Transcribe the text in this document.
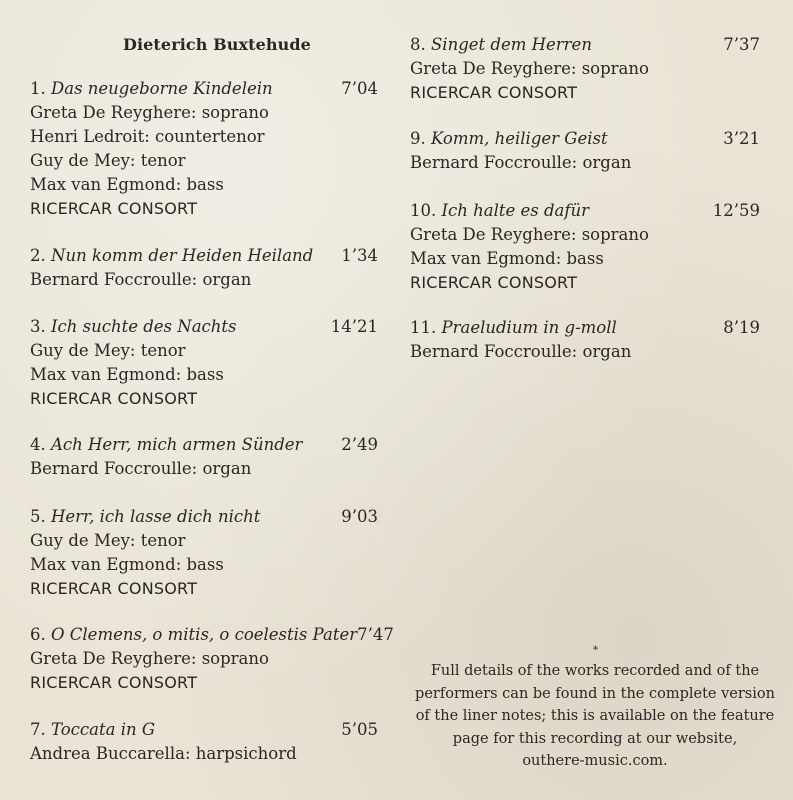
Dieterich Buxtehude
1. Das neugeborne Kindelein	7’04
Greta De Reyghere: soprano
Henri Ledroit: countertenor
Guy de Mey: tenor
Max van Egmond: bass
RICERCAR CONSORT
2. Nun komm der Heiden Heiland 1’34
Bernard Foccroulle: organ
3. Ich suchte des Nachts	14’21
Guy de Mey: tenor
Max van Egmond: bass
RICERCAR CONSORT
4. Ach Herr, mich armen Sünder 2’49
Bernard Foccroulle: organ
5. Herr, ich lasse dich nicht	9’03
Guy de Mey: tenor
Max van Egmond: bass
RICERCAR CONSORT
6. O Clemens, o mitis, o coelestis Pater 7’47
Greta De Reyghere: soprano
RICERCAR CONSORT
7. Toccata in G	5’05
Andrea Buccarella: harpsichord
8. Singet dem Herren	7’37
Greta De Reyghere: soprano
RICERCAR CONSORT
9. Komm, heiliger Geist	3’21
Bernard Foccroulle: organ
10. Ich halte es dafür	12’59
Greta De Reyghere: soprano
Max van Egmond: bass
RICERCAR CONSORT
11. Praeludium in g-moll	8’19
Bernard Foccroulle: organ
*
Full details of the works recorded and of the
performers can be found in the complete version
of the liner notes; this is available on the feature
page for this recording at our website,
outhere-music.com.
